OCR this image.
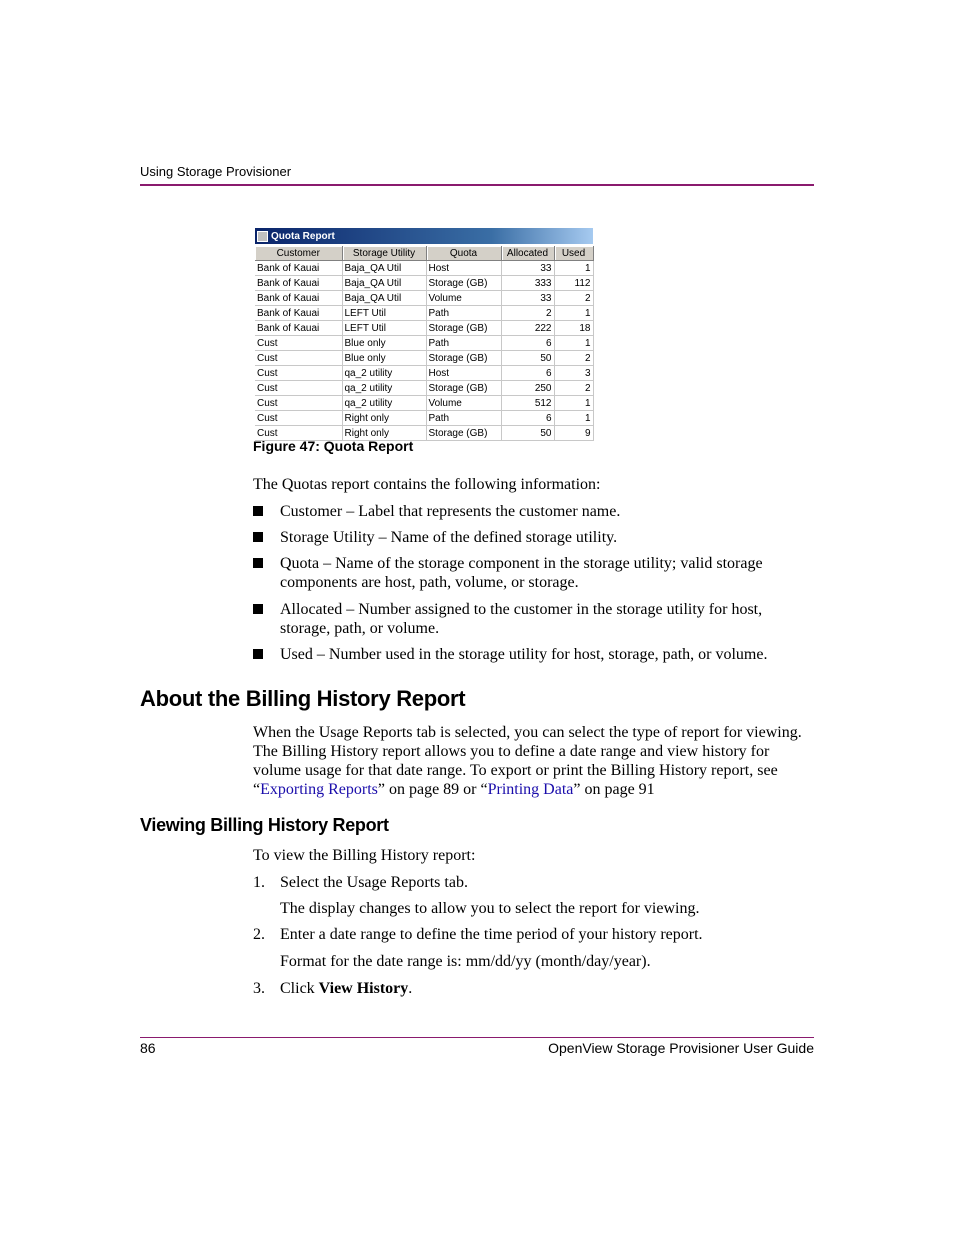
Using Storage Provisioner
Quota Report
Customer	Storage Utility	Quota	Allocated	Used
Bank of Kauai	Baja_QA Util	Host	33	1
Bank of Kauai	Baja_QA Util	Storage (GB)	333	112
Bank of Kauai	Baja_QA Util	Volume	33	2
Bank of Kauai	LEFT Util	Path	2	1
Bank of Kauai	LEFT Util	Storage (GB)	222	18
Cust	Blue only	Path	6	1
Cust	Blue only	Storage (GB)	50	2
Cust	qa_2 utility	Host	6	3
Cust	qa_2 utility	Storage (GB)	250	2
Cust	qa_2 utility	Volume	512	1
Cust	Right only	Path	6	1
Cust	Right only	Storage (GB)	50	9
Figure 47: Quota Report
The Quotas report contains the following information:
Customer – Label that represents the customer name.
Storage Utility – Name of the defined storage utility.
Quota – Name of the storage component in the storage utility; valid storage components are host, path, volume, or storage.
Allocated – Number assigned to the customer in the storage utility for host, storage, path, or volume.
Used – Number used in the storage utility for host, storage, path, or volume.
About the Billing History Report
When the Usage Reports tab is selected, you can select the type of report for viewing. The Billing History report allows you to define a date range and view history for volume usage for that date range. To export or print the Billing History report, see “Exporting Reports” on page 89 or “Printing Data” on page 91
Viewing Billing History Report
To view the Billing History report:
1. Select the Usage Reports tab.
The display changes to allow you to select the report for viewing.
2. Enter a date range to define the time period of your history report.
Format for the date range is: mm/dd/yy (month/day/year).
3. Click View History.
86	OpenView Storage Provisioner User Guide
